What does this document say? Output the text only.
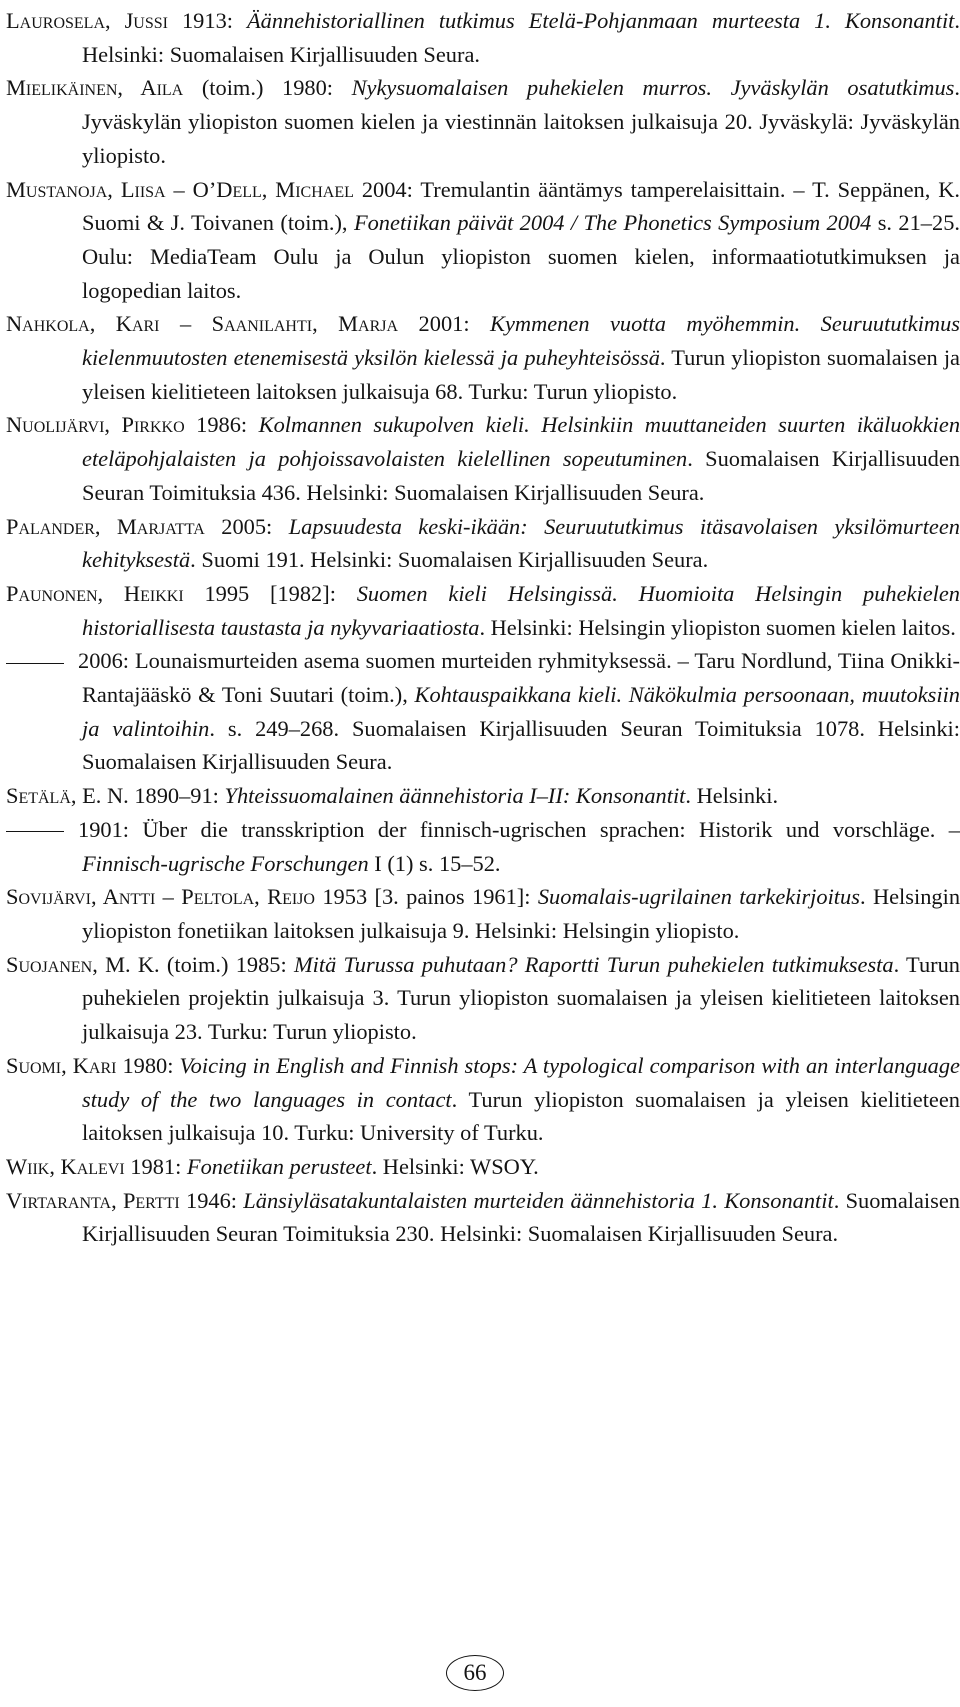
Laurosela, Jussi 1913: Äännehistoriallinen tutkimus Etelä-Pohjanmaan murteesta 1. Konsonantit. Helsinki: Suomalaisen Kirjallisuuden Seura.

Mielikäinen, Aila (toim.) 1980: Nykysuomalaisen puhekielen murros. Jyväskylän osatutkimus. Jyväskylän yliopiston suomen kielen ja viestinnän laitoksen julkaisuja 20. Jyväskylä: Jyväskylän yliopisto.

Mustanoja, Liisa – O’Dell, Michael 2004: Tremulantin ääntämys tamperelaisittain. – T. Seppänen, K. Suomi & J. Toivanen (toim.), Fonetiikan päivät 2004 / The Phonetics Symposium 2004 s. 21–25. Oulu: MediaTeam Oulu ja Oulun yliopiston suomen kielen, informaatiotutkimuksen ja logopedian laitos.

Nahkola, Kari – Saanilahti, Marja 2001: Kymmenen vuotta myöhemmin. Seuruututkimus kielenmuutosten etenemisestä yksilön kielessä ja puheyhteisössä. Turun yliopiston suomalaisen ja yleisen kielitieteen laitoksen julkaisuja 68. Turku: Turun yliopisto.

Nuolijärvi, Pirkko 1986: Kolmannen sukupolven kieli. Helsinkiin muuttaneiden suurten ikäluokkien eteläpohjalaisten ja pohjoissavolaisten kielellinen sopeutuminen. Suomalaisen Kirjallisuuden Seuran Toimituksia 436. Helsinki: Suomalaisen Kirjallisuuden Seura.

Palander, Marjatta 2005: Lapsuudesta keski-ikään: Seuruututkimus itäsavolaisen yksilömurteen kehityksestä. Suomi 191. Helsinki: Suomalaisen Kirjallisuuden Seura.

Paunonen, Heikki 1995 [1982]: Suomen kieli Helsingissä. Huomioita Helsingin puhekielen historiallisesta taustasta ja nykyvariaatiosta. Helsinki: Helsingin yliopiston suomen kielen laitos.

2006: Lounaismurteiden asema suomen murteiden ryhmityksessä. – Taru Nordlund, Tiina Onikki-Rantajääskö & Toni Suutari (toim.), Kohtauspaikkana kieli. Näkökulmia persoonaan, muutoksiin ja valintoihin. s. 249–268. Suomalaisen Kirjallisuuden Seuran Toimituksia 1078. Helsinki: Suomalaisen Kirjallisuuden Seura.

Setälä, E. N. 1890–91: Yhteissuomalainen äännehistoria I–II: Konsonantit. Helsinki.

1901: Über die transskription der finnisch-ugrischen sprachen: Historik und vorschläge. – Finnisch-ugrische Forschungen I (1) s. 15–52.

Sovijärvi, Antti – Peltola, Reijo 1953 [3. painos 1961]: Suomalais-ugrilainen tarkekirjoitus. Helsingin yliopiston fonetiikan laitoksen julkaisuja 9. Helsinki: Helsingin yliopisto.

Suojanen, M. K. (toim.) 1985: Mitä Turussa puhutaan? Raportti Turun puhekielen tutkimuksesta. Turun puhekielen projektin julkaisuja 3. Turun yliopiston suomalaisen ja yleisen kielitieteen laitoksen julkaisuja 23. Turku: Turun yliopisto.

Suomi, Kari 1980: Voicing in English and Finnish stops: A typological comparison with an interlanguage study of the two languages in contact. Turun yliopiston suomalaisen ja yleisen kielitieteen laitoksen julkaisuja 10. Turku: University of Turku.

Wiik, Kalevi 1981: Fonetiikan perusteet. Helsinki: WSOY.

Virtaranta, Pertti 1946: Länsiyläsatakuntalaisten murteiden äännehistoria 1. Konsonantit. Suomalaisen Kirjallisuuden Seuran Toimituksia 230. Helsinki: Suomalaisen Kirjallisuuden Seura.

66
